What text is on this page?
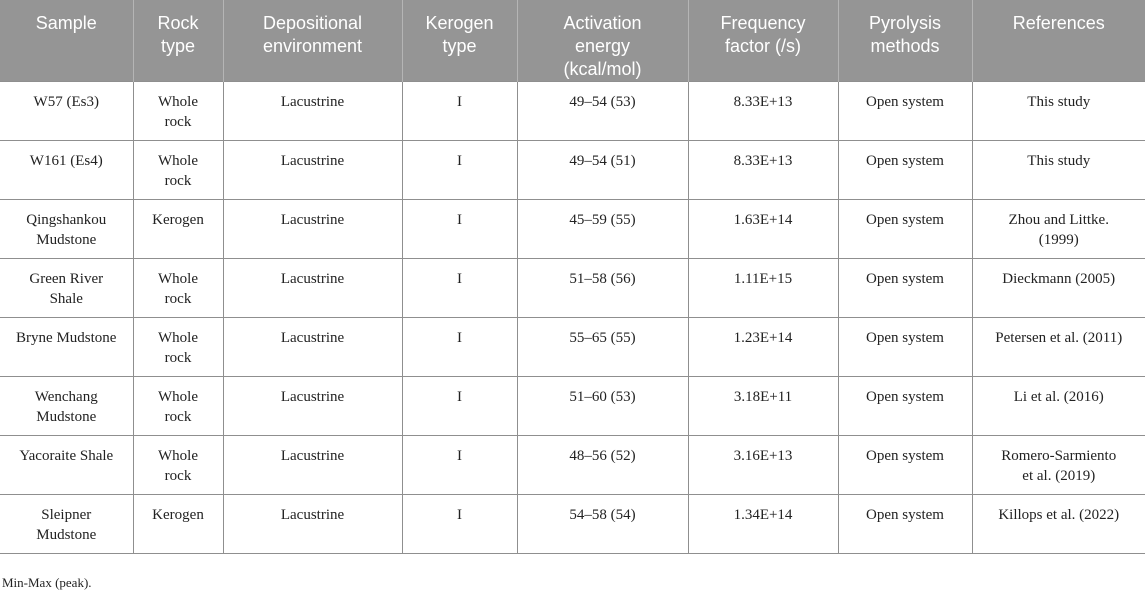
Sample	Rock type	Depositional environment	Kerogen type	Activation energy (kcal/mol)	Frequency factor (/s)	Pyrolysis methods	References
W57 (Es3)	Whole rock	Lacustrine	I	49–54 (53)	8.33E+13	Open system	This study
W161 (Es4)	Whole rock	Lacustrine	I	49–54 (51)	8.33E+13	Open system	This study
Qingshankou Mudstone	Kerogen	Lacustrine	I	45–59 (55)	1.63E+14	Open system	Zhou and Littke. (1999)
Green River Shale	Whole rock	Lacustrine	I	51–58 (56)	1.11E+15	Open system	Dieckmann (2005)
Bryne Mudstone	Whole rock	Lacustrine	I	55–65 (55)	1.23E+14	Open system	Petersen et al. (2011)
Wenchang Mudstone	Whole rock	Lacustrine	I	51–60 (53)	3.18E+11	Open system	Li et al. (2016)
Yacoraite Shale	Whole rock	Lacustrine	I	48–56 (52)	3.16E+13	Open system	Romero-Sarmiento et al. (2019)
Sleipner Mudstone	Kerogen	Lacustrine	I	54–58 (54)	1.34E+14	Open system	Killops et al. (2022)
Min-Max (peak).
